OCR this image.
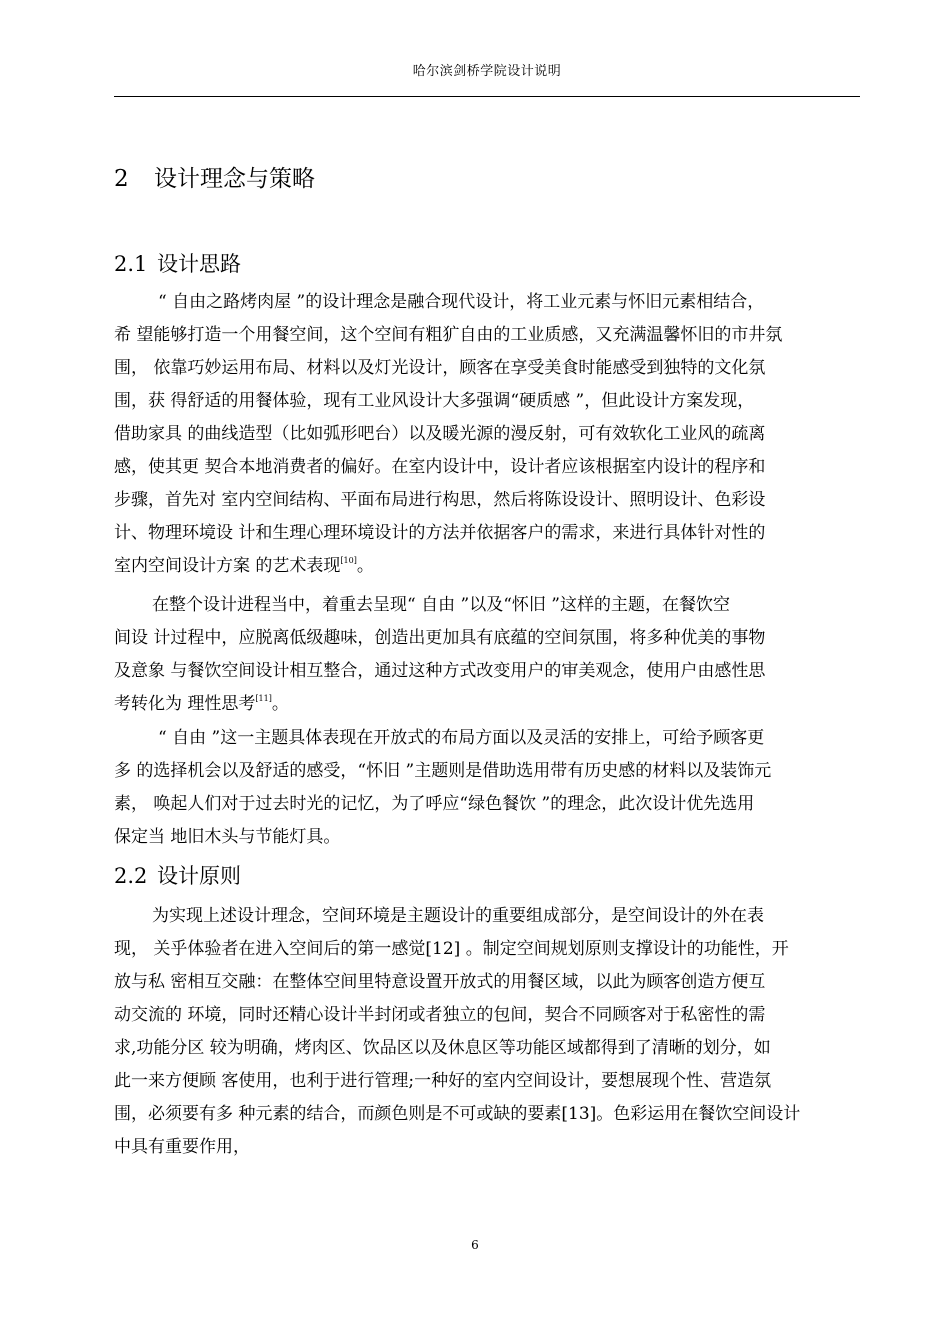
哈尔滨剑桥学院设计说明
2 设计理念与策略
2.1 设计思路
“ 自由之路烤肉屋 ”的设计理念是融合现代设计，将工业元素与怀旧元素相结合，
希 望能够打造一个用餐空间，这个空间有粗犷自由的工业质感，又充满温馨怀旧的市井氛
围， 依靠巧妙运用布局、材料以及灯光设计，顾客在享受美食时能感受到独特的文化氛
围，获 得舒适的用餐体验，现有工业风设计大多强调“硬质感 ”，但此设计方案发现，
借助家具 的曲线造型（比如弧形吧台）以及暖光源的漫反射，可有效软化工业风的疏离
感，使其更 契合本地消费者的偏好。在室内设计中，设计者应该根据室内设计的程序和
步骤，首先对 室内空间结构、平面布局进行构思，然后将陈设设计、照明设计、色彩设
计、物理环境设 计和生理心理环境设计的方法并依据客户的需求，来进行具体针对性的
室内空间设计方案 的艺术表现[10]。
在整个设计进程当中，着重去呈现“ 自由 ”以及“怀旧 ”这样的主题，在餐饮空
间设 计过程中，应脱离低级趣味，创造出更加具有底蕴的空间氛围，将多种优美的事物
及意象 与餐饮空间设计相互整合，通过这种方式改变用户的审美观念，使用户由感性思
考转化为 理性思考[11]。
“ 自由 ”这一主题具体表现在开放式的布局方面以及灵活的安排上，可给予顾客更
多 的选择机会以及舒适的感受，“怀旧 ”主题则是借助选用带有历史感的材料以及装饰元
素， 唤起人们对于过去时光的记忆，为了呼应“绿色餐饮 ”的理念，此次设计优先选用
保定当 地旧木头与节能灯具。
2.2 设计原则
为实现上述设计理念，空间环境是主题设计的重要组成部分，是空间设计的外在表
现， 关乎体验者在进入空间后的第一感觉[12] 。制定空间规划原则支撑设计的功能性，开
放与私 密相互交融：在整体空间里特意设置开放式的用餐区域，以此为顾客创造方便互
动交流的 环境，同时还精心设计半封闭或者独立的包间，契合不同顾客对于私密性的需
求,功能分区 较为明确，烤肉区、饮品区以及休息区等功能区域都得到了清晰的划分，如
此一来方便顾 客使用，也利于进行管理;一种好的室内空间设计，要想展现个性、营造氛
围，必须要有多 种元素的结合，而颜色则是不可或缺的要素[13]。色彩运用在餐饮空间设计
中具有重要作用，
6
